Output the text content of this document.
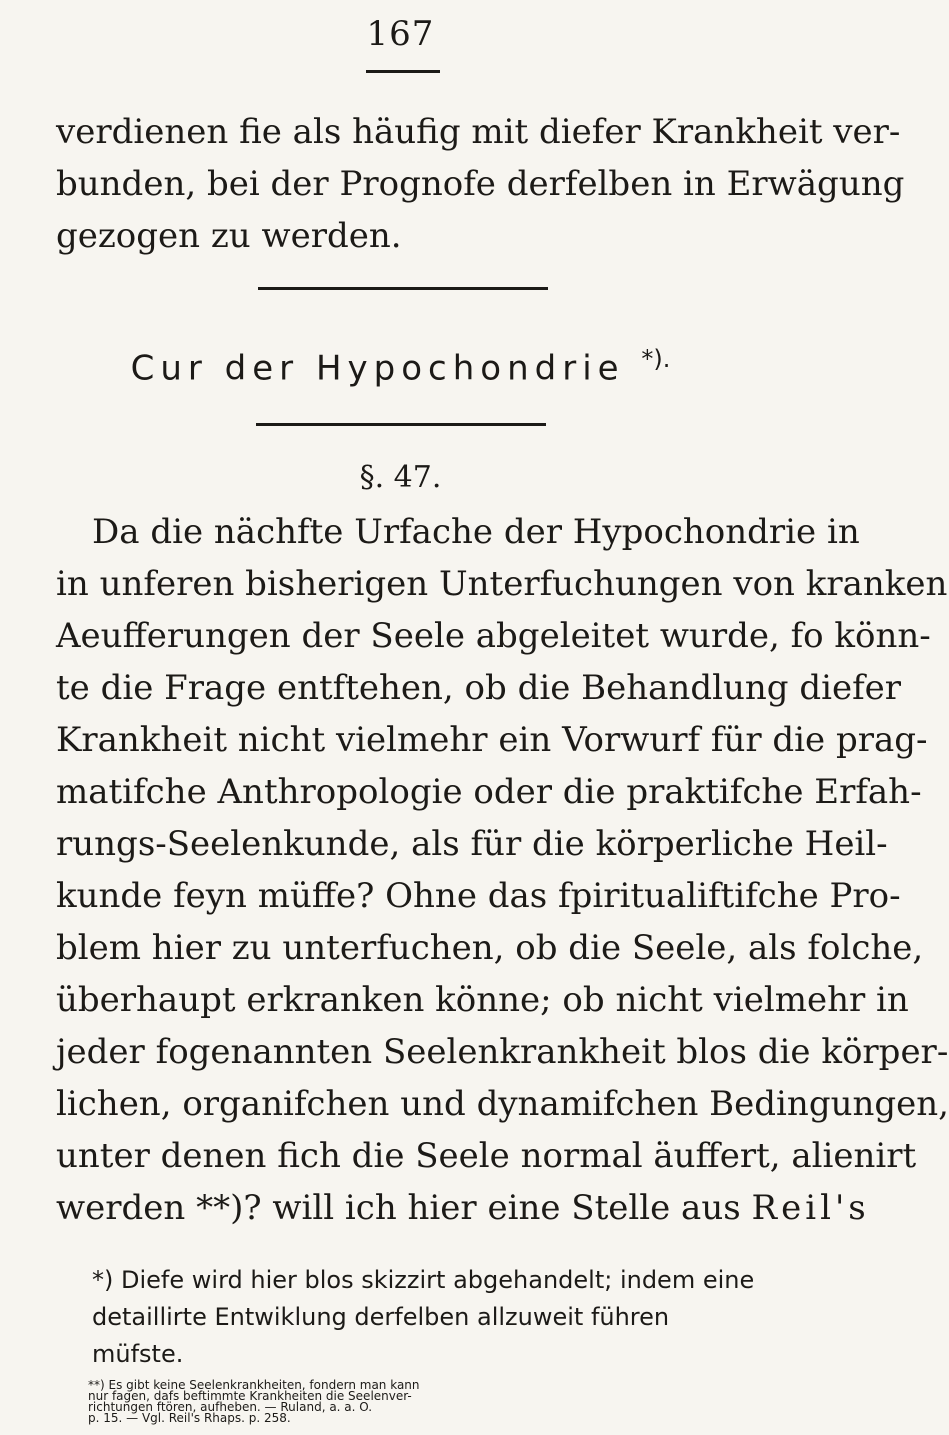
167
verdienen fie als häufig mit diefer Krankheit ver-
bunden, bei der Prognofe derfelben in Erwägung
gezogen zu werden.
Cur der Hypochondrie *).
§. 47.
Da die nächfte Urfache der Hypochondrie in
in unferen bisherigen Unterfuchungen von kranken
Aeufferungen der Seele abgeleitet wurde, fo könn-
te die Frage entftehen, ob die Behandlung diefer
Krankheit nicht vielmehr ein Vorwurf für die prag-
matifche Anthropologie oder die praktifche Erfah-
rungs-Seelenkunde, als für die körperliche Heil-
kunde feyn müffe? Ohne das fpiritualiftifche Pro-
blem hier zu unterfuchen, ob die Seele, als folche,
überhaupt erkranken könne; ob nicht vielmehr in
jeder fogenannten Seelenkrankheit blos die körper-
lichen, organifchen und dynamifchen Bedingungen,
unter denen fich die Seele normal äuffert, alienirt
werden **)? will ich hier eine Stelle aus Reil's
*) Diefe wird hier blos skizzirt abgehandelt; indem eine
detaillirte Entwiklung derfelben allzuweit führen
müfste.
**) Es gibt keine Seelenkrankheiten, fondern man kann
nur fagen, dafs beftimmte Krankheiten die Seelenver-
richtungen ftören, aufheben. — Ruland, a. a. O.
p. 15. — Vgl. Reil's Rhaps. p. 258.
